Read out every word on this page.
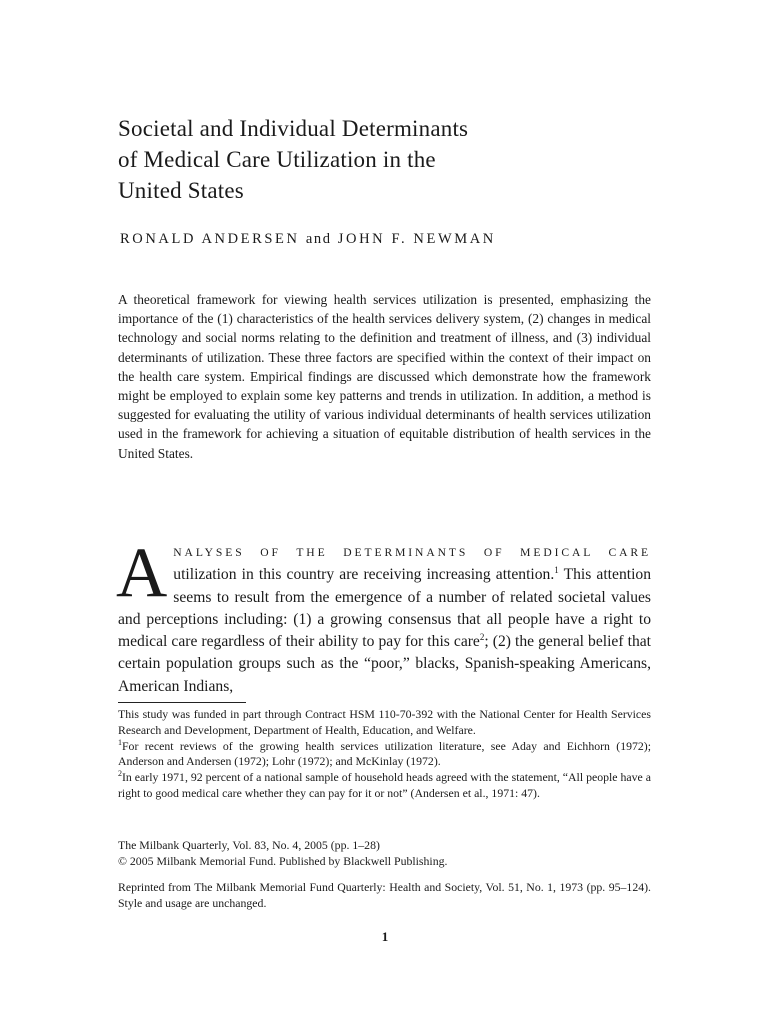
Societal and Individual Determinants
of Medical Care Utilization in the
United States
RONALD ANDERSEN and JOHN F. NEWMAN

A theoretical framework for viewing health services utilization is presented, emphasizing the importance of the (1) characteristics of the health services delivery system, (2) changes in medical technology and social norms relating to the definition and treatment of illness, and (3) individual determinants of utilization. These three factors are specified within the context of their impact on the health care system. Empirical findings are discussed which demonstrate how the framework might be employed to explain some key patterns and trends in utilization. In addition, a method is suggested for evaluating the utility of various individual determinants of health services utilization used in the framework for achieving a situation of equitable distribution of health services in the United States.

ANALYSES OF THE DETERMINANTS OF MEDICAL CARE utilization in this country are receiving increasing attention.$^1$ This attention seems to result from the emergence of a number of related societal values and perceptions including: (1) a growing consensus that all people have a right to medical care regardless of their ability to pay for this care$^2$; (2) the general belief that certain population groups such as the “poor,” blacks, Spanish-speaking Americans, American Indians,

This study was funded in part through Contract HSM 110-70-392 with the National Center for Health Services Research and Development, Department of Health, Education, and Welfare.

$^1$For recent reviews of the growing health services utilization literature, see Aday and Eichhorn (1972); Anderson and Andersen (1972); Lohr (1972); and McKinlay (1972).

$^2$In early 1971, 92 percent of a national sample of household heads agreed with the statement, “All people have a right to good medical care whether they can pay for it or not” (Andersen et al., 1971: 47).

The Milbank Quarterly, Vol. 83, No. 4, 2005 (pp. 1–28)

© 2005 Milbank Memorial Fund. Published by Blackwell Publishing.

Reprinted from The Milbank Memorial Fund Quarterly: Health and Society, Vol. 51, No. 1, 1973 (pp. 95–124). Style and usage are unchanged.

1
